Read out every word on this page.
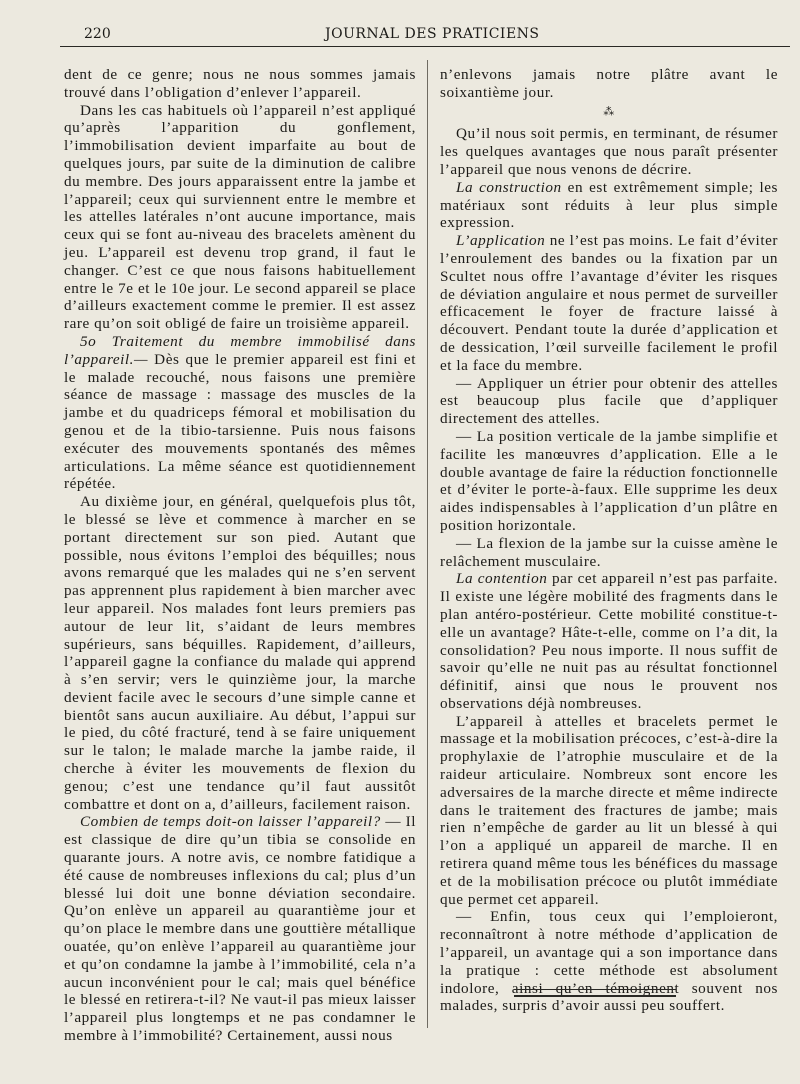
220	JOURNAL DES PRATICIENS

dent de ce genre; nous ne nous sommes jamais trouvé dans l’obligation d’enlever l’appareil.

Dans les cas habituels où l’appareil n’est appliqué qu’après l’apparition du gonflement, l’immobilisation devient imparfaite au bout de quelques jours, par suite de la diminution de calibre du membre. Des jours apparaissent entre la jambe et l’appareil; ceux qui surviennent entre le membre et les attelles latérales n’ont aucune importance, mais ceux qui se font au-niveau des bracelets amènent du jeu. L’appareil est devenu trop grand, il faut le changer. C’est ce que nous faisons habituellement entre le 7e et le 10e jour. Le second appareil se place d’ailleurs exactement comme le premier. Il est assez rare qu’on soit obligé de faire un troisième appareil.

5o Traitement du membre immobilisé dans l’appareil.— Dès que le premier appareil est fini et le malade recouché, nous faisons une première séance de massage : massage des muscles de la jambe et du quadriceps fémoral et mobilisation du genou et de la tibio-tarsienne. Puis nous faisons exécuter des mouvements spontanés des mêmes articulations. La même séance est quotidiennement répétée.

Au dixième jour, en général, quelquefois plus tôt, le blessé se lève et commence à marcher en se portant directement sur son pied. Autant que possible, nous évitons l’emploi des béquilles; nous avons remarqué que les malades qui ne s’en servent pas apprennent plus rapidement à bien marcher avec leur appareil. Nos malades font leurs premiers pas autour de leur lit, s’aidant de leurs membres supérieurs, sans béquilles. Rapidement, d’ailleurs, l’appareil gagne la confiance du malade qui apprend à s’en servir; vers le quinzième jour, la marche devient facile avec le secours d’une simple canne et bientôt sans aucun auxiliaire. Au début, l’appui sur le pied, du côté fracturé, tend à se faire uniquement sur le talon; le malade marche la jambe raide, il cherche à éviter les mouvements de flexion du genou; c’est une tendance qu’il faut aussitôt combattre et dont on a, d’ailleurs, facilement raison.

Combien de temps doit-on laisser l’appareil? — Il est classique de dire qu’un tibia se consolide en quarante jours. A notre avis, ce nombre fatidique a été cause de nombreuses inflexions du cal; plus d’un blessé lui doit une bonne déviation secondaire. Qu’on enlève un appareil au quarantième jour et qu’on place le membre dans une gouttière métallique ouatée, qu’on enlève l’appareil au quarantième jour et qu’on condamne la jambe à l’immobilité, cela n’a aucun inconvénient pour le cal; mais quel bénéfice le blessé en retirera-t-il? Ne vaut-il pas mieux laisser l’appareil plus longtemps et ne pas condamner le membre à l’immobilité? Certainement, aussi nous

n’enlevons jamais notre plâtre avant le soixantième jour.

⁂

Qu’il nous soit permis, en terminant, de résumer les quelques avantages que nous paraît présenter l’appareil que nous venons de décrire.

La construction en est extrêmement simple; les matériaux sont réduits à leur plus simple expression.

L’application ne l’est pas moins. Le fait d’éviter l’enroulement des bandes ou la fixation par un Scultet nous offre l’avantage d’éviter les risques de déviation angulaire et nous permet de surveiller efficacement le foyer de fracture laissé à découvert. Pendant toute la durée d’application et de dessication, l’œil surveille facilement le profil et la face du membre.

— Appliquer un étrier pour obtenir des attelles est beaucoup plus facile que d’appliquer directement des attelles.

— La position verticale de la jambe simplifie et facilite les manœuvres d’application. Elle a le double avantage de faire la réduction fonctionnelle et d’éviter le porte-à-faux. Elle supprime les deux aides indispensables à l’application d’un plâtre en position horizontale.

— La flexion de la jambe sur la cuisse amène le relâchement musculaire.

La contention par cet appareil n’est pas parfaite. Il existe une légère mobilité des fragments dans le plan antéro-postérieur. Cette mobilité constitue-t-elle un avantage? Hâte-t-elle, comme on l’a dit, la consolidation? Peu nous importe. Il nous suffit de savoir qu’elle ne nuit pas au résultat fonctionnel définitif, ainsi que nous le prouvent nos observations déjà nombreuses.

L’appareil à attelles et bracelets permet le massage et la mobilisation précoces, c’est-à-dire la prophylaxie de l’atrophie musculaire et de la raideur articulaire. Nombreux sont encore les adversaires de la marche directe et même indirecte dans le traitement des fractures de jambe; mais rien n’empêche de garder au lit un blessé à qui l’on a appliqué un appareil de marche. Il en retirera quand même tous les bénéfices du massage et de la mobilisation précoce ou plutôt immédiate que permet cet appareil.

— Enfin, tous ceux qui l’emploieront, reconnaîtront à notre méthode d’application de l’appareil, un avantage qui a son importance dans la pratique : cette méthode est absolument indolore, ainsi qu’en témoignent souvent nos malades, surpris d’avoir aussi peu souffert.
